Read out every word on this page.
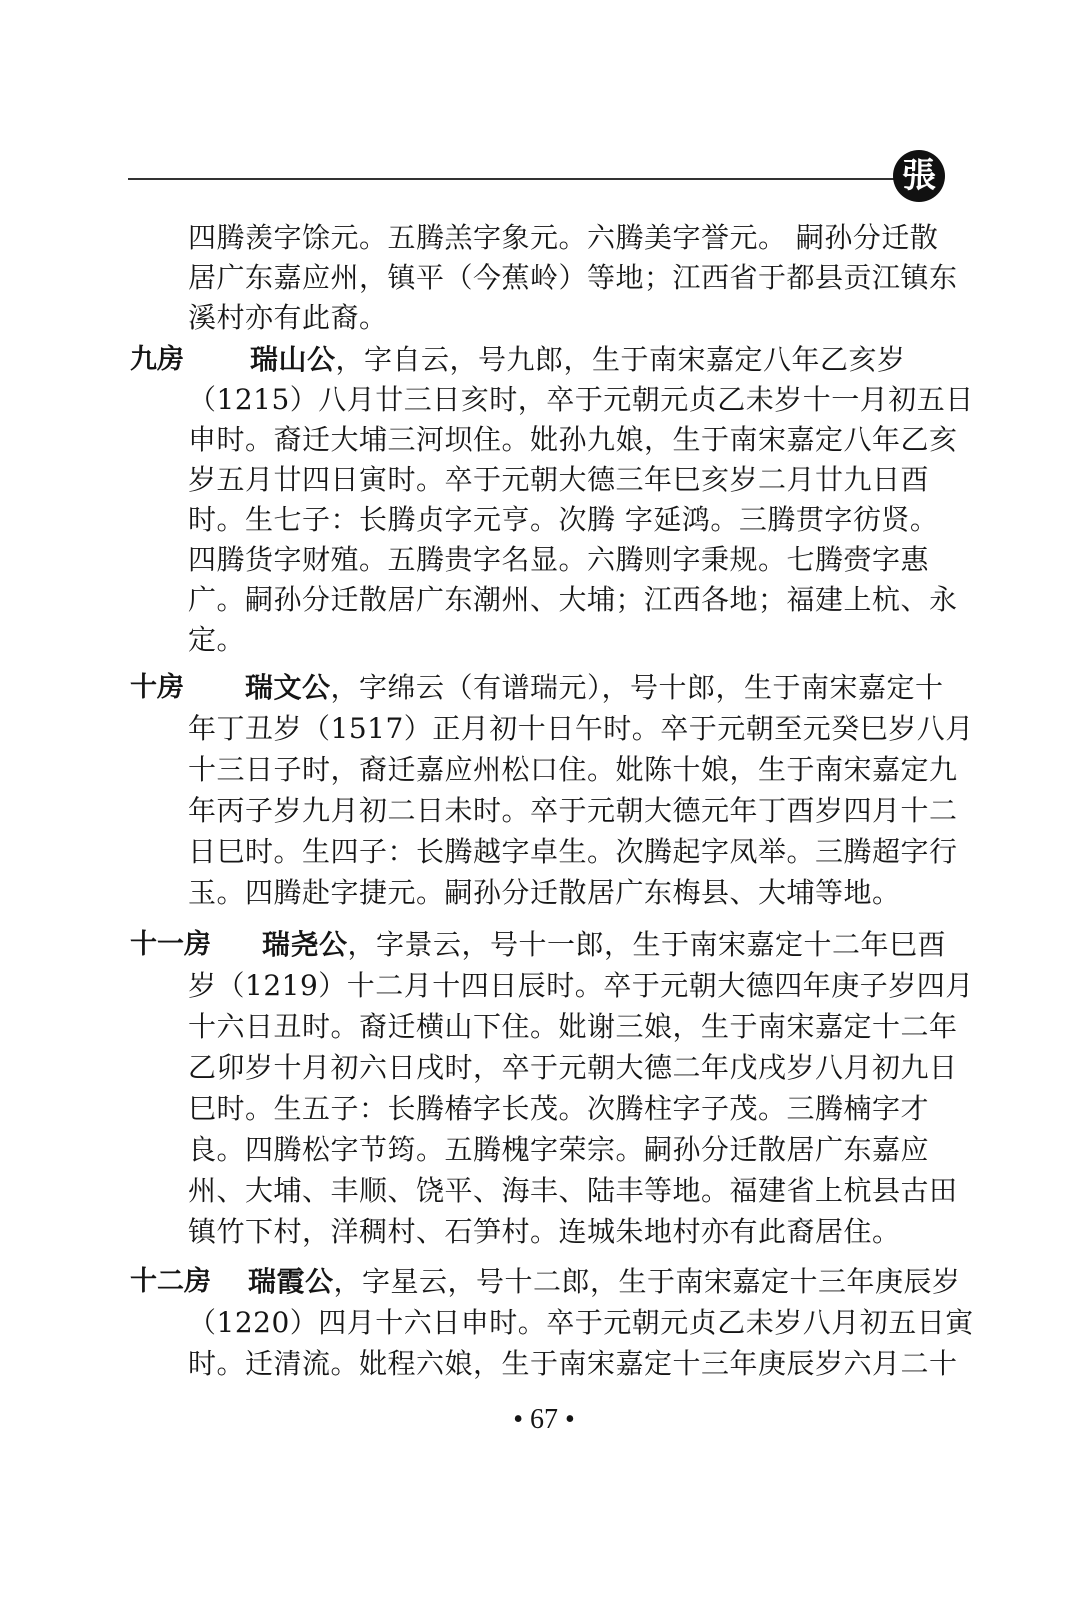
張
四腾羡字馀元。五腾羔字象元。六腾美字誉元。 嗣孙分迁散
居广东嘉应州，镇平（今蕉岭）等地；江西省于都县贡江镇东
溪村亦有此裔。
九房 瑞山公，字自云，号九郎，生于南宋嘉定八年乙亥岁
（1215）八月廿三日亥时，卒于元朝元贞乙未岁十一月初五日
申时。裔迁大埔三河坝住。妣孙九娘，生于南宋嘉定八年乙亥
岁五月廿四日寅时。卒于元朝大德三年巳亥岁二月廿九日酉
时。生七子：长腾贞字元亨。次腾 字延鸿。三腾贯字彷贤。
四腾货字财殖。五腾贵字名显。六腾则字秉规。七腾赍字惠
广。嗣孙分迁散居广东潮州、大埔；江西各地；福建上杭、永
定。
十房 瑞文公，字绵云（有谱瑞元），号十郎，生于南宋嘉定十
年丁丑岁（1517）正月初十日午时。卒于元朝至元癸巳岁八月
十三日子时，裔迁嘉应州松口住。妣陈十娘，生于南宋嘉定九
年丙子岁九月初二日未时。卒于元朝大德元年丁酉岁四月十二
日巳时。生四子：长腾越字卓生。次腾起字凤举。三腾超字行
玉。四腾赴字捷元。嗣孙分迁散居广东梅县、大埔等地。
十一房 瑞尧公，字景云，号十一郎，生于南宋嘉定十二年巳酉
岁（1219）十二月十四日辰时。卒于元朝大德四年庚子岁四月
十六日丑时。裔迁横山下住。妣谢三娘，生于南宋嘉定十二年
乙卯岁十月初六日戌时，卒于元朝大德二年戊戌岁八月初九日
巳时。生五子：长腾椿字长茂。次腾柱字子茂。三腾楠字才
良。四腾松字节筠。五腾槐字荣宗。嗣孙分迁散居广东嘉应
州、大埔、丰顺、饶平、海丰、陆丰等地。福建省上杭县古田
镇竹下村，洋稠村、石笋村。连城朱地村亦有此裔居住。
十二房 瑞霞公，字星云，号十二郎，生于南宋嘉定十三年庚辰岁
（1220）四月十六日申时。卒于元朝元贞乙未岁八月初五日寅
时。迁清流。妣程六娘，生于南宋嘉定十三年庚辰岁六月二十
• 67 •
